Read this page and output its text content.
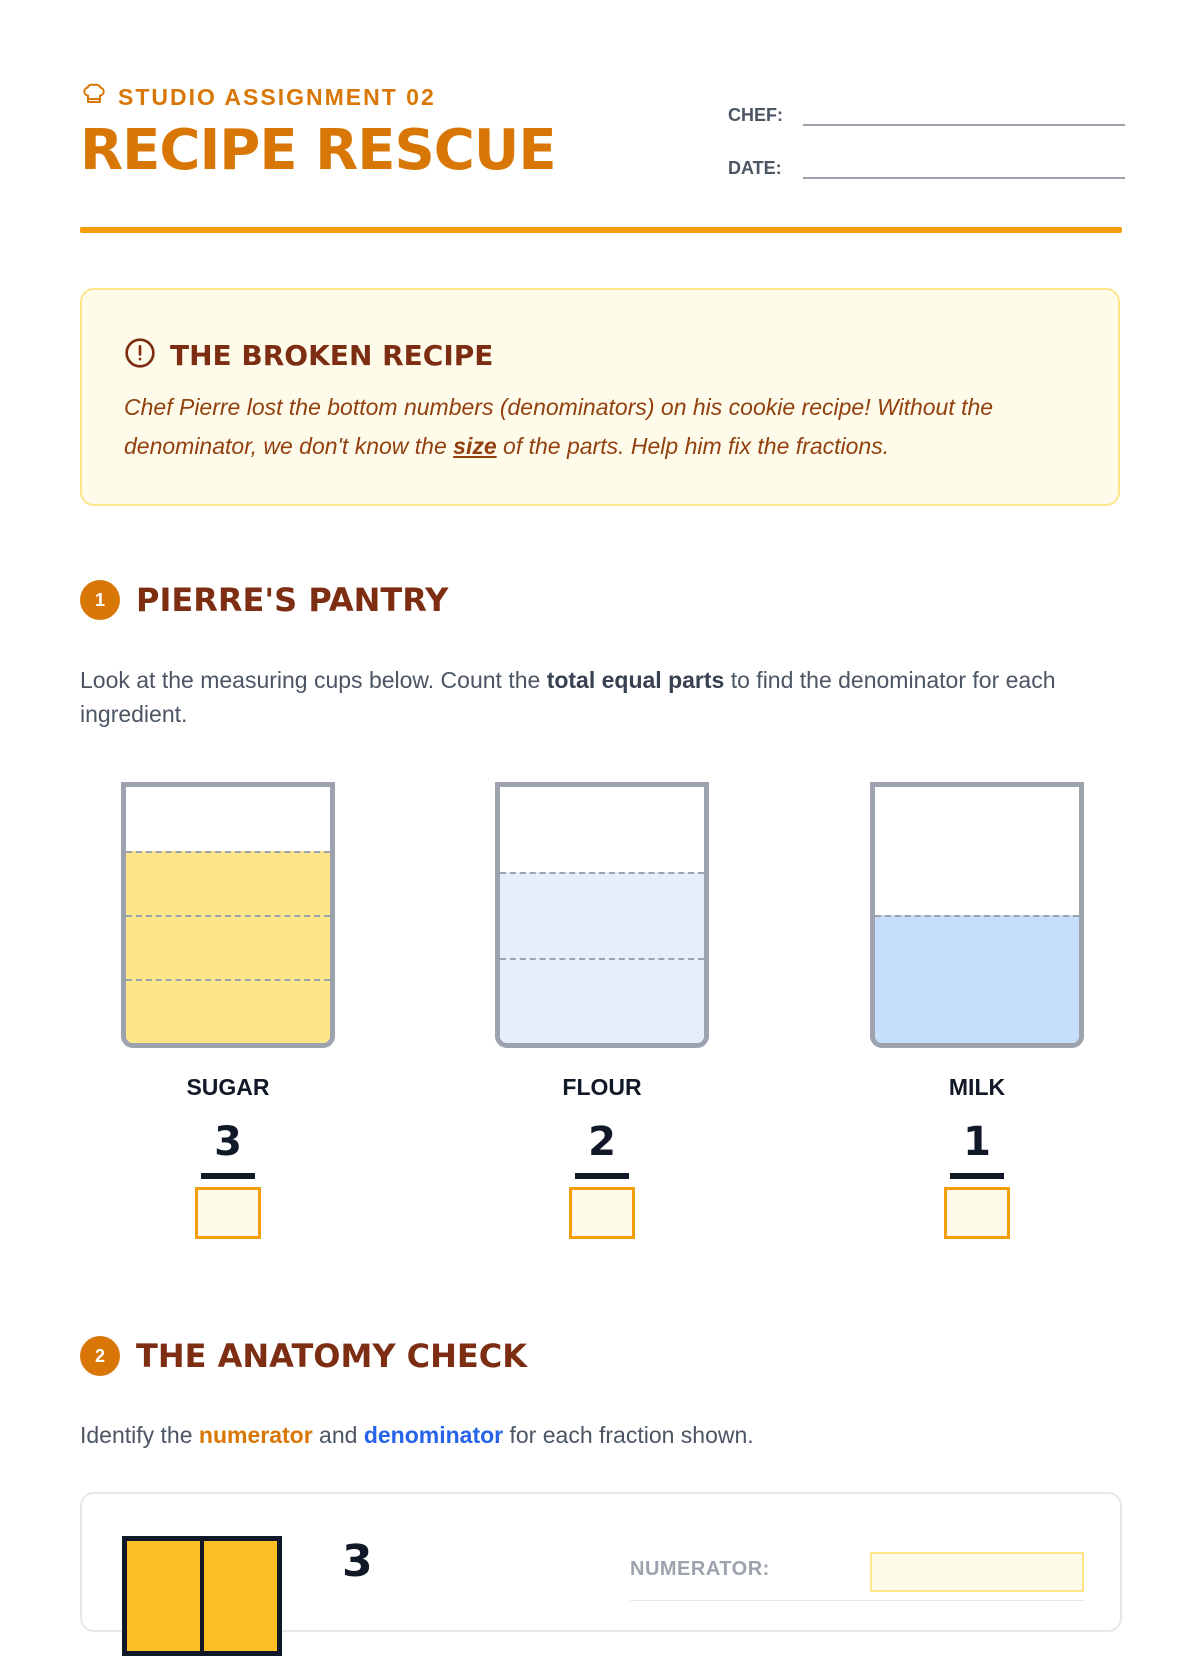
STUDIO ASSIGNMENT 02
RECIPE RESCUE
CHEF:
DATE:
THE BROKEN RECIPE

Chef Pierre lost the bottom numbers (denominators) on his cookie recipe! Without the denominator, we don't know the size of the parts. Help him fix the fractions.

1 PIERRE'S PANTRY

Look at the measuring cups below. Count the total equal parts to find the denominator for each ingredient.

SUGAR
3
FLOUR
2
MILK
1
2 THE ANATOMY CHECK

Identify the numerator and denominator for each fraction shown.

3	NUMERATOR:
